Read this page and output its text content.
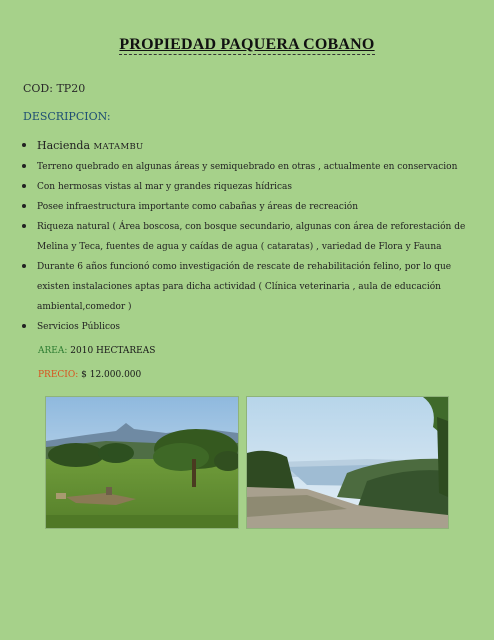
PROPIEDAD PAQUERA COBANO
COD: TP20
DESCRIPCION:
Hacienda MATAMBU
Terreno quebrado en algunas áreas y semiquebrado en otras , actualmente en conservacion
Con hermosas vistas al mar y grandes riquezas hídricas
Posee infraestructura importante como cabañas y áreas de recreación
Riqueza natural ( Área boscosa, con bosque secundario, algunas con área de reforestación de
Melina y Teca, fuentes de agua y caídas de agua ( cataratas) , variedad de Flora y Fauna
Durante 6 años funcionó como investigación de rescate de rehabilitación felino, por lo que
existen instalaciones aptas para dicha actividad ( Clínica veterinaria , aula de educación
ambiental,comedor )
Servicios Públicos
AREA: 2010 HECTAREAS
PRECIO: $ 12.000.000
